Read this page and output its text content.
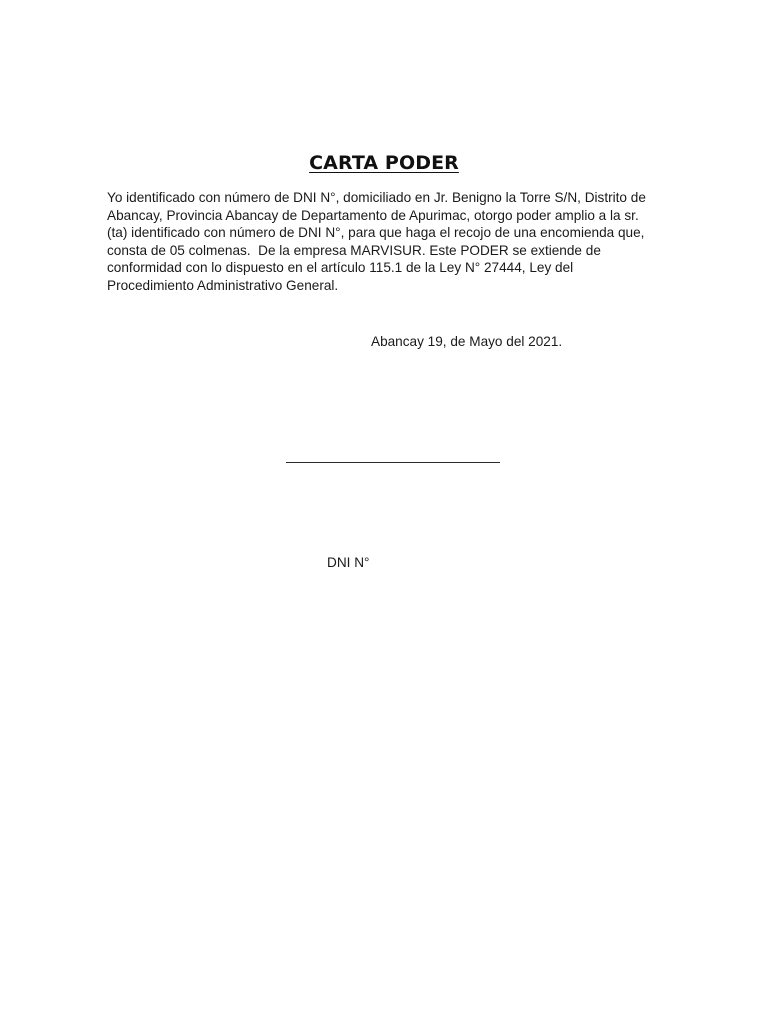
CARTA PODER
Yo identificado con número de DNI N°, domiciliado en Jr. Benigno la Torre S/N, Distrito de
Abancay, Provincia Abancay de Departamento de Apurimac, otorgo poder amplio a la sr.
(ta) identificado con número de DNI N°, para que haga el recojo de una encomienda que,
consta de 05 colmenas.  De la empresa MARVISUR. Este PODER se extiende de
conformidad con lo dispuesto en el artículo 115.1 de la Ley N° 27444, Ley del
Procedimiento Administrativo General.
Abancay 19, de Mayo del 2021.
DNI N°
